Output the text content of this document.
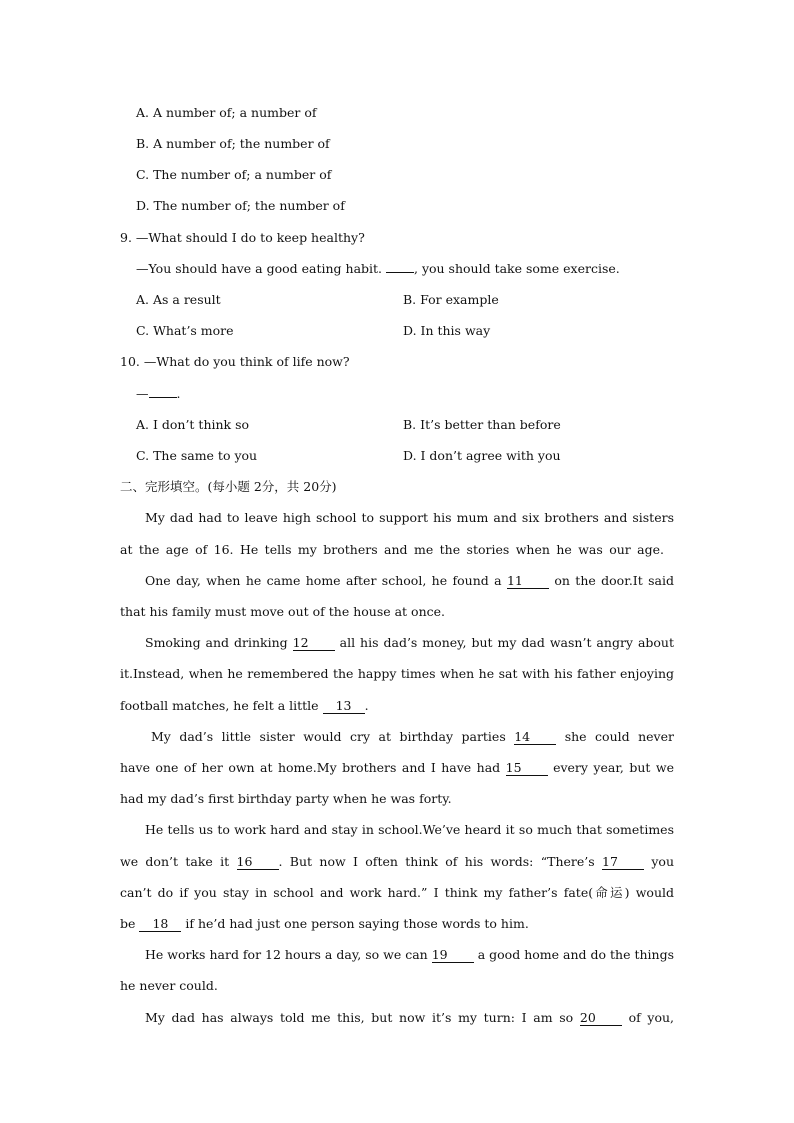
A. A number of; a number of
B. A number of; the number of
C. The number of; a number of
D. The number of; the number of
9. —What should I do to keep healthy?
—You should have a good eating habit.	, you should take some exercise.
A. As a result	B. For example
C. What’s more	D. In this way
10. —What do you think of life now?
— .
A. I don’t think so	B. It’s better than before
C. The same to you	D. I don’t agree with you
二、完形填空。(每小题 2分，共 20分)
My dad had to leave high school to support his mum and six brothers and sisters
at the age of 16. He tells my brothers and me the stories when he was our age.
One day, when he came home after school, he found a 11	on the door.It said
that his family must move out of the house at once.
Smoking and drinking 12 all his dad’s money, but my dad wasn’t angry about
it.Instead, when he remembered the happy times when he sat with his father enjoying
football matches, he felt a little 13 .
My dad’s little sister would cry at birthday parties 14	she could never
have one of her own at home.My brothers and I have had 15	every year, but we
had my dad’s first birthday party when he was forty.
He tells us to work hard and stay in school.We’ve heard it so much that sometimes
we don’t take it 16 . But now I often think of his words: “There’s 17	you
can’t do if you stay in school and work hard.” I think my father’s fate(命运) would
be 18 if he’d had just one person saying those words to him.
He works hard for 12 hours a day, so we can 19 a good home and do the things
he never could.
My dad has always told me this, but now it’s my turn: I am so 20	of you,
